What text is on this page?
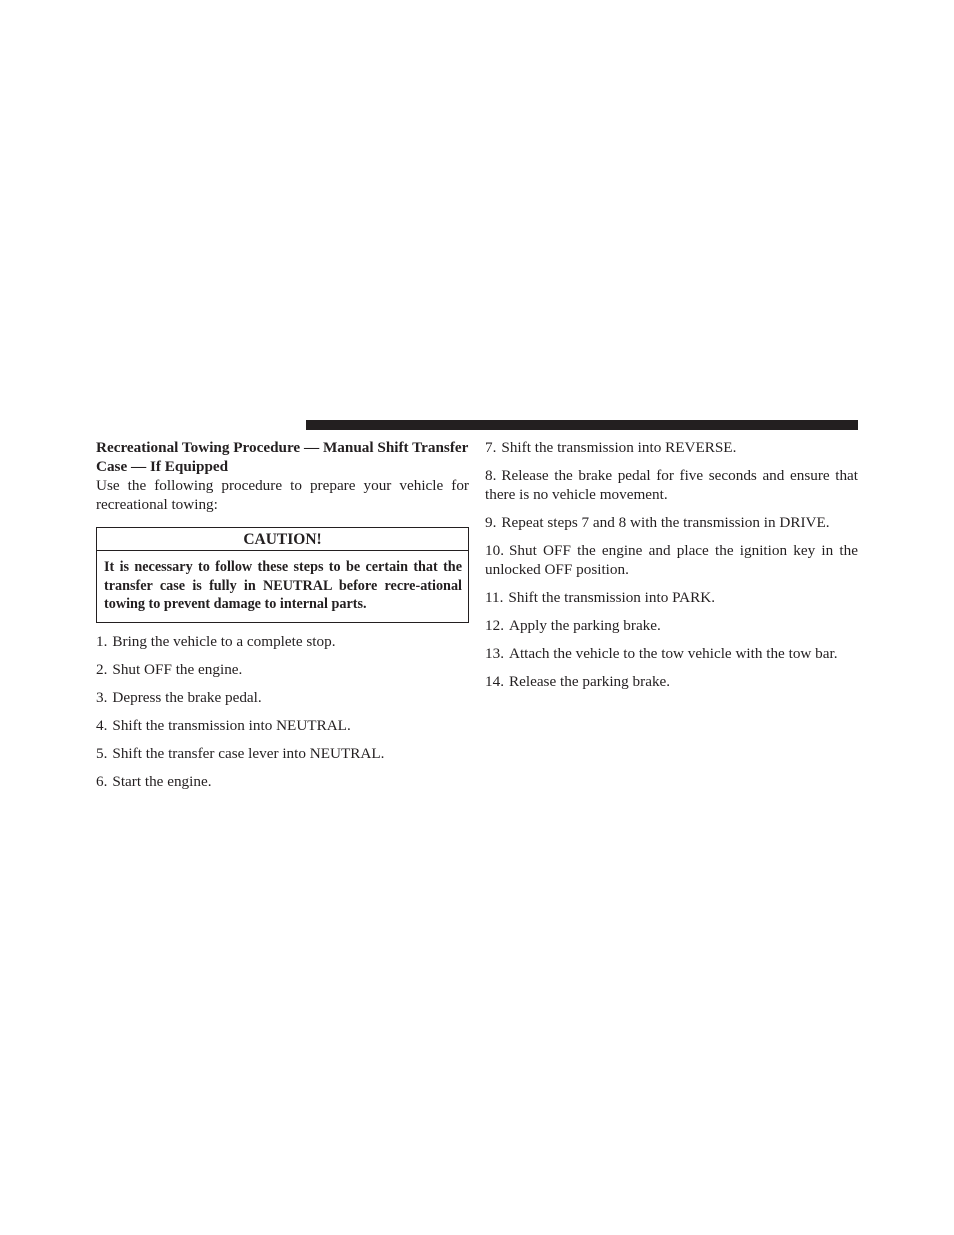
Recreational Towing Procedure — Manual Shift Transfer Case — If Equipped

Use the following procedure to prepare your vehicle for recreational towing:

CAUTION!
It is necessary to follow these steps to be certain that the transfer case is fully in NEUTRAL before recre-ational towing to prevent damage to internal parts.
1. Bring the vehicle to a complete stop.
2. Shut OFF the engine.
3. Depress the brake pedal.
4. Shift the transmission into NEUTRAL.
5. Shift the transfer case lever into NEUTRAL.
6. Start the engine.
7. Shift the transmission into REVERSE.
8. Release the brake pedal for five seconds and ensure that there is no vehicle movement.
9. Repeat steps 7 and 8 with the transmission in DRIVE.
10. Shut OFF the engine and place the ignition key in the unlocked OFF position.
11. Shift the transmission into PARK.
12. Apply the parking brake.
13. Attach the vehicle to the tow vehicle with the tow bar.
14. Release the parking brake.
